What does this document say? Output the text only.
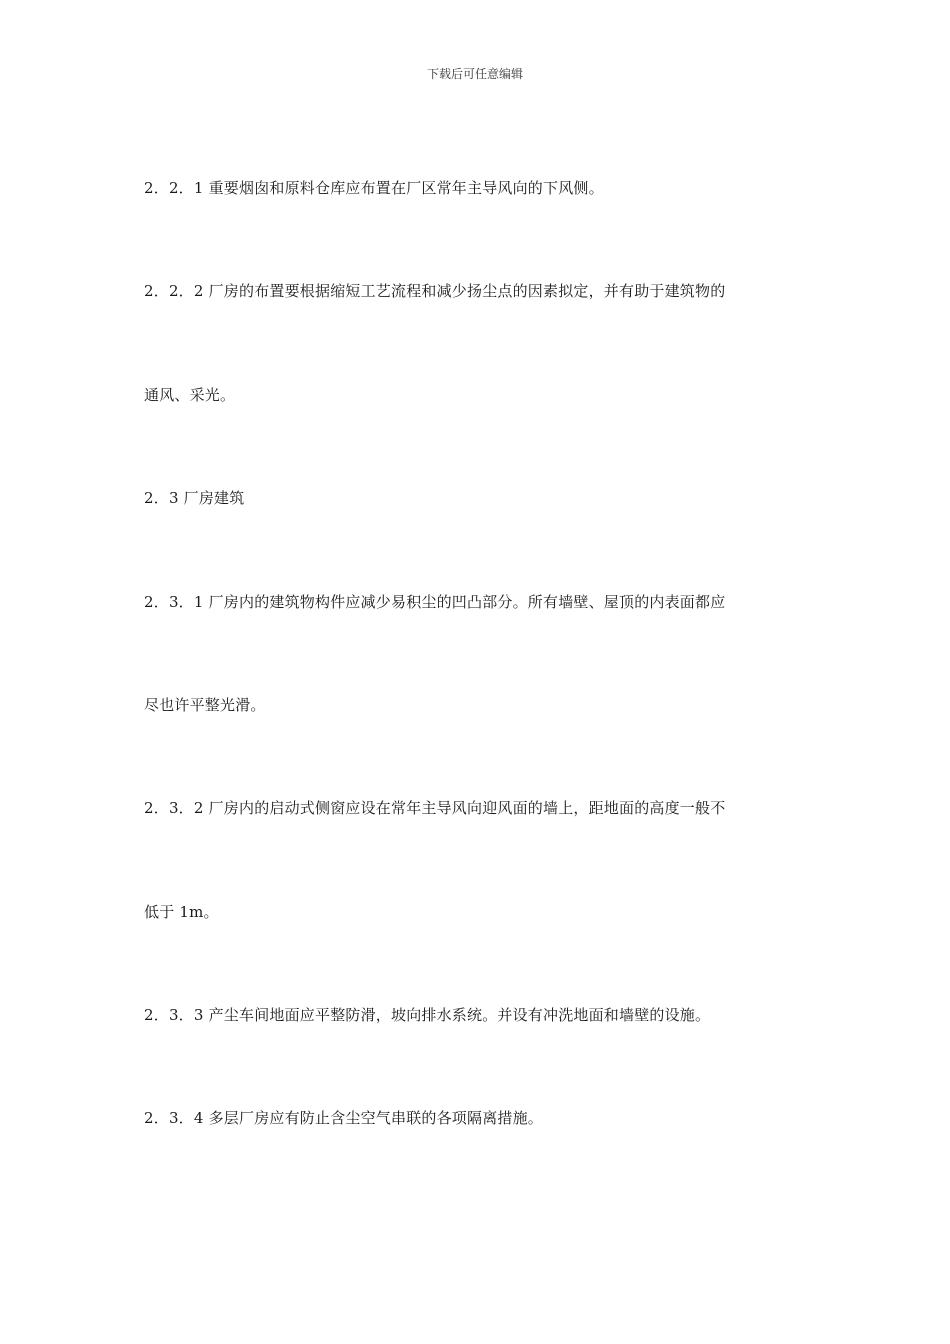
下载后可任意编辑
2．2．1 重要烟囱和原料仓库应布置在厂区常年主导风向的下风侧。
2．2．2 厂房的布置要根据缩短工艺流程和减少扬尘点的因素拟定，并有助于建筑物的
通风、采光。
2．3 厂房建筑
2．3．1 厂房内的建筑物构件应减少易积尘的凹凸部分。所有墙壁、屋顶的内表面都应
尽也许平整光滑。
2．3．2 厂房内的启动式侧窗应设在常年主导风向迎风面的墙上，距地面的高度一般不
低于 1m。
2．3．3 产尘车间地面应平整防滑，坡向排水系统。并设有冲洗地面和墙壁的设施。
2．3．4 多层厂房应有防止含尘空气串联的各项隔离措施。
